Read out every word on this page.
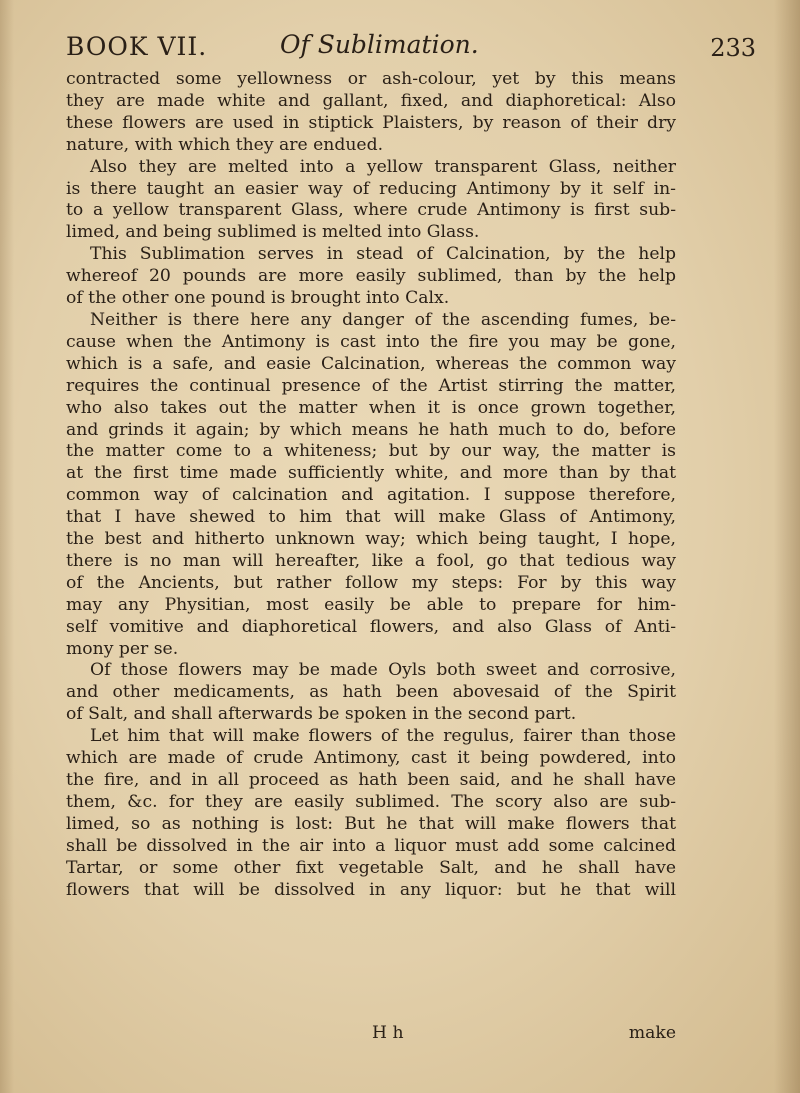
BOOK VII.	Of Sublimation.	233
contracted some yellowness or ash-colour, yet by this means
they are made white and gallant, fixed, and diaphoretical: Also
these flowers are used in stiptick Plaisters, by reason of their dry
nature, with which they are endued.
Also they are melted into a yellow transparent Glass, neither
is there taught an easier way of reducing Antimony by it self in-
to a yellow transparent Glass, where crude Antimony is first sub-
limed, and being sublimed is melted into Glass.
This Sublimation serves in stead of Calcination, by the help
whereof 20 pounds are more easily sublimed, than by the help
of the other one pound is brought into Calx.
Neither is there here any danger of the ascending fumes, be-
cause when the Antimony is cast into the fire you may be gone,
which is a safe, and easie Calcination, whereas the common way
requires the continual presence of the Artist stirring the matter,
who also takes out the matter when it is once grown together,
and grinds it again; by which means he hath much to do, before
the matter come to a whiteness; but by our way, the matter is
at the first time made sufficiently white, and more than by that
common way of calcination and agitation. I suppose therefore,
that I have shewed to him that will make Glass of Antimony,
the best and hitherto unknown way; which being taught, I hope,
there is no man will hereafter, like a fool, go that tedious way
of the Ancients, but rather follow my steps: For by this way
may any Physitian, most easily be able to prepare for him-
self vomitive and diaphoretical flowers, and also Glass of Anti-
mony per se.
Of those flowers may be made Oyls both sweet and corrosive,
and other medicaments, as hath been abovesaid of the Spirit
of Salt, and shall afterwards be spoken in the second part.
Let him that will make flowers of the regulus, fairer than those
which are made of crude Antimony, cast it being powdered, into
the fire, and in all proceed as hath been said, and he shall have
them, &c. for they are easily sublimed. The scory also are sub-
limed, so as nothing is lost: But he that will make flowers that
shall be dissolved in the air into a liquor must add some calcined
Tartar, or some other fixt vegetable Salt, and he shall have
flowers that will be dissolved in any liquor: but he that will
H h	make
